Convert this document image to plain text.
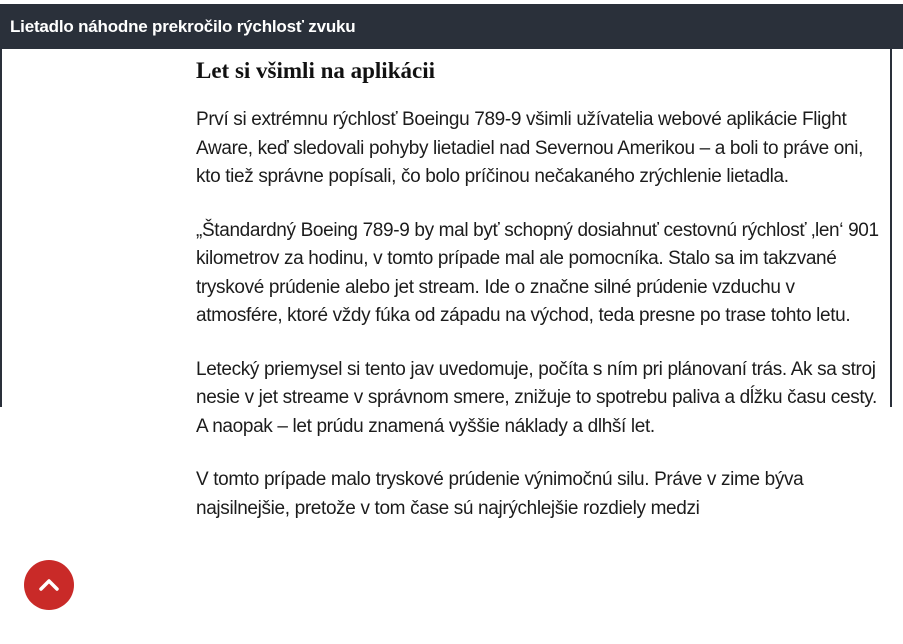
Lietadlo náhodne prekročilo rýchlosť zvuku
Let si všimli na aplikácii

Prví si extrémnu rýchlosť Boeingu 789-9 všimli užívatelia webové aplikácie Flight Aware, keď sledovali pohyby lietadiel nad Severnou Amerikou – a boli to práve oni, kto tiež správne popísali, čo bolo príčinou nečakaného zrýchlenie lietadla.

„Štandardný Boeing 789-9 by mal byť schopný dosiahnuť cestovnú rýchlosť ‚len‘ 901 kilometrov za hodinu, v tomto prípade mal ale pomocníka. Stalo sa im takzvané tryskové prúdenie alebo jet stream. Ide o značne silné prúdenie vzduchu v atmosfére, ktoré vždy fúka od západu na východ, teda presne po trase tohto letu.

Letecký priemysel si tento jav uvedomuje, počíta s ním pri plánovaní trás. Ak sa stroj nesie v jet streame v správnom smere, znižuje to spotrebu paliva a dĺžku času cesty. A naopak – let prúdu znamená vyššie náklady a dlhší let.

V tomto prípade malo tryskové prúdenie výnimočnú silu. Práve v zime býva najsilnejšie, pretože v tom čase sú najrýchlejšie rozdiely medzi
